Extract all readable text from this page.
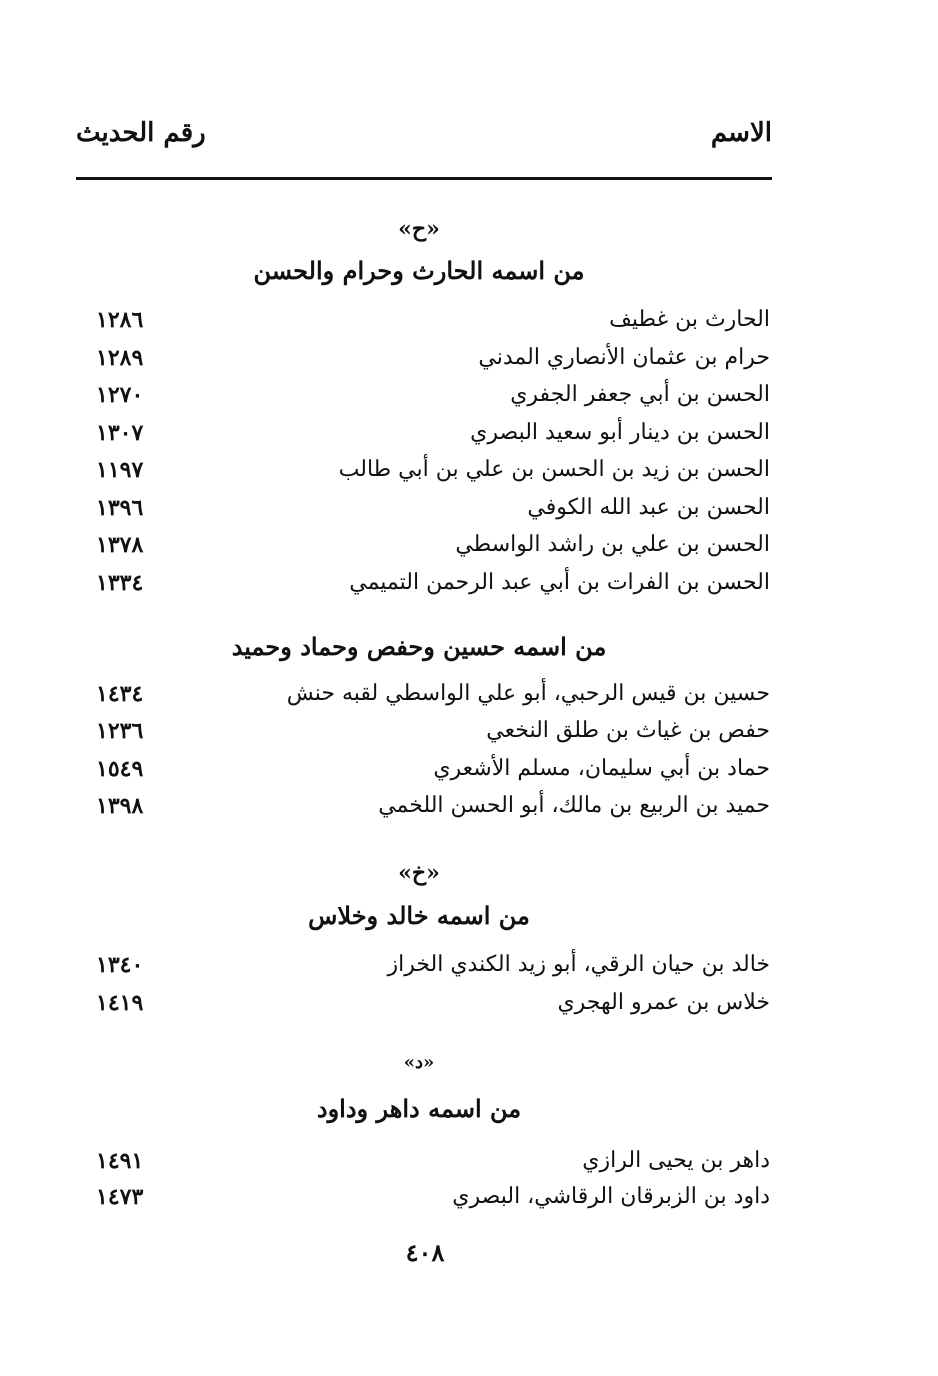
الاسم
رقم الحديث
«ح»
من اسمه الحارث وحرام والحسن
الحارث بن غطيف
١٢٨٦
حرام بن عثمان الأنصاري المدني
١٢٨٩
الحسن بن أبي جعفر الجفري
١٢٧٠
الحسن بن دينار أبو سعيد البصري
١٣٠٧
الحسن بن زيد بن الحسن بن علي بن أبي طالب
١١٩٧
الحسن بن عبد الله الكوفي
١٣٩٦
الحسن بن علي بن راشد الواسطي
١٣٧٨
الحسن بن الفرات بن أبي عبد الرحمن التميمي
١٣٣٤
من اسمه حسين وحفص وحماد وحميد
حسين بن قيس الرحبي، أبو علي الواسطي لقبه حنش
١٤٣٤
حفص بن غياث بن طلق النخعي
١٢٣٦
حماد بن أبي سليمان، مسلم الأشعري
١٥٤٩
حميد بن الربيع بن مالك، أبو الحسن اللخمي
١٣٩٨
«خ»
من اسمه خالد وخلاس
خالد بن حيان الرقي، أبو زيد الكندي الخراز
١٣٤٠
خلاس بن عمرو الهجري
١٤١٩
«د»
من اسمه داهر وداود
داهر بن يحيى الرازي
١٤٩١
داود بن الزبرقان الرقاشي، البصري
١٤٧٣
٤٠٨
